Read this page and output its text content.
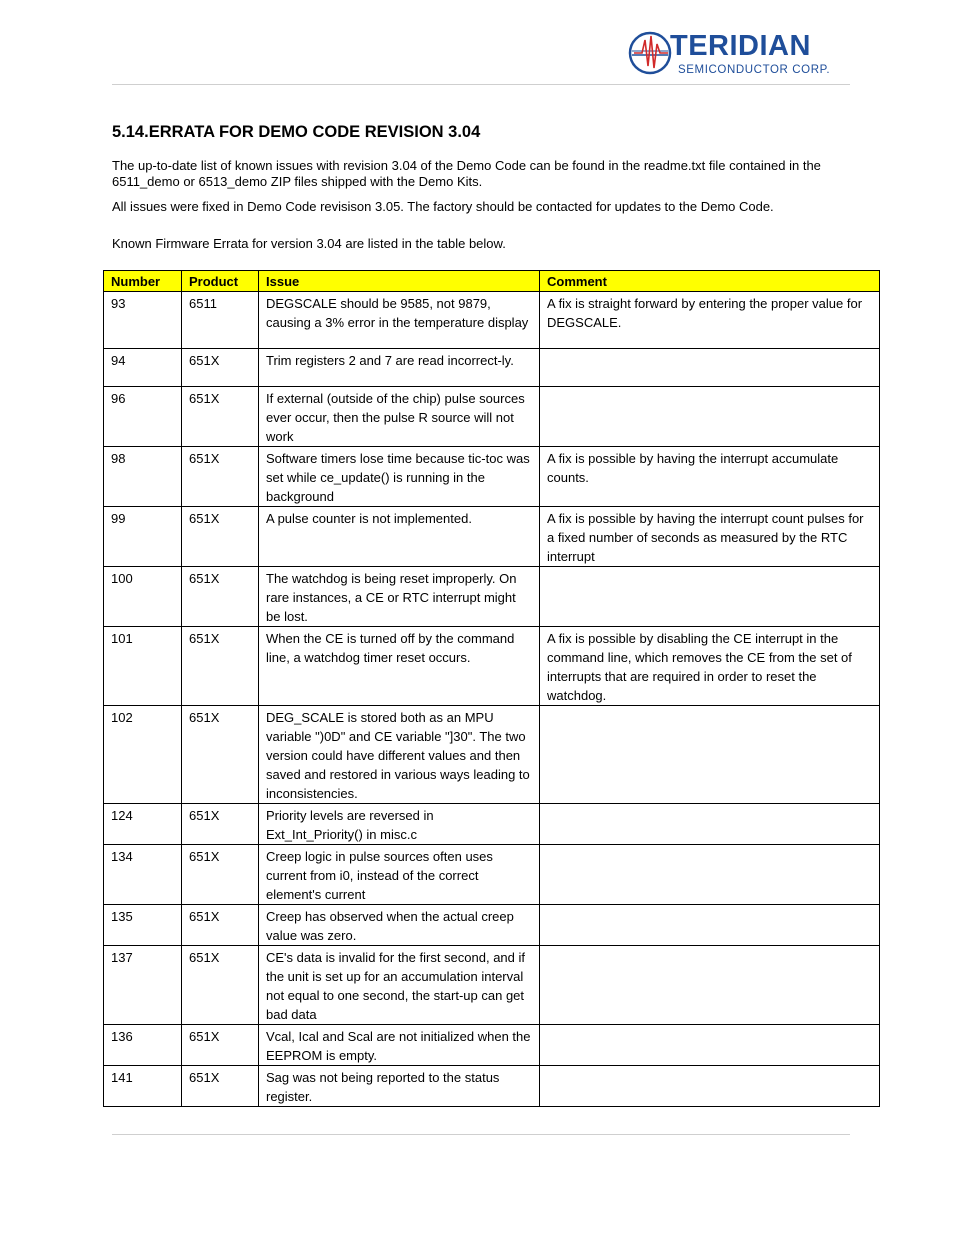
TERIDIAN
SEMICONDUCTOR CORP.
5.14.ERRATA FOR DEMO CODE REVISION 3.04

The up-to-date list of known issues with revision 3.04 of the Demo Code can be found in the readme.txt file contained in the 6511_demo or 6513_demo ZIP files shipped with the Demo Kits.

All issues were fixed in Demo Code revisison 3.05. The factory should be contacted for updates to the Demo Code.

Known Firmware Errata for version 3.04 are listed in the table below.

Number	Product	Issue	Comment
93	6511	DEGSCALE should be 9585, not 9879, causing a 3% error in the temperature display	A fix is straight forward by entering the proper value for DEGSCALE.
94	651X	Trim registers 2 and 7 are read incorrect-ly.	
96	651X	If external (outside of the chip) pulse sources ever occur, then the pulse R source will not work	
98	651X	Software timers lose time because tic-toc was set while ce_update() is running in the background	A fix is possible by having the interrupt accumulate counts.
99	651X	A pulse counter is not implemented.	A fix is possible by having the interrupt count pulses for a fixed number of seconds as measured by the RTC interrupt
100	651X	The watchdog is being reset improperly. On rare instances, a CE or RTC interrupt might be lost.	
101	651X	When the CE is turned off by the command line, a watchdog timer reset occurs.	A fix is possible by disabling the CE interrupt in the command line, which removes the CE from the set of interrupts that are required in order to reset the watchdog.
102	651X	DEG_SCALE is stored both as an MPU variable ")0D" and CE variable "]30". The two version could have different values and then saved and restored in various ways leading to inconsistencies.	
124	651X	Priority levels are reversed in Ext_Int_Priority() in misc.c	
134	651X	Creep logic in pulse sources often uses current from i0, instead of the correct element's current	
135	651X	Creep has observed when the actual creep value was zero.	
137	651X	CE's data is invalid for the first second, and if the unit is set up for an accumulation interval not equal to one second, the start-up can get bad data	
136	651X	Vcal, Ical and Scal are not initialized when the EEPROM is empty.	
141	651X	Sag was not being reported to the status register.	
